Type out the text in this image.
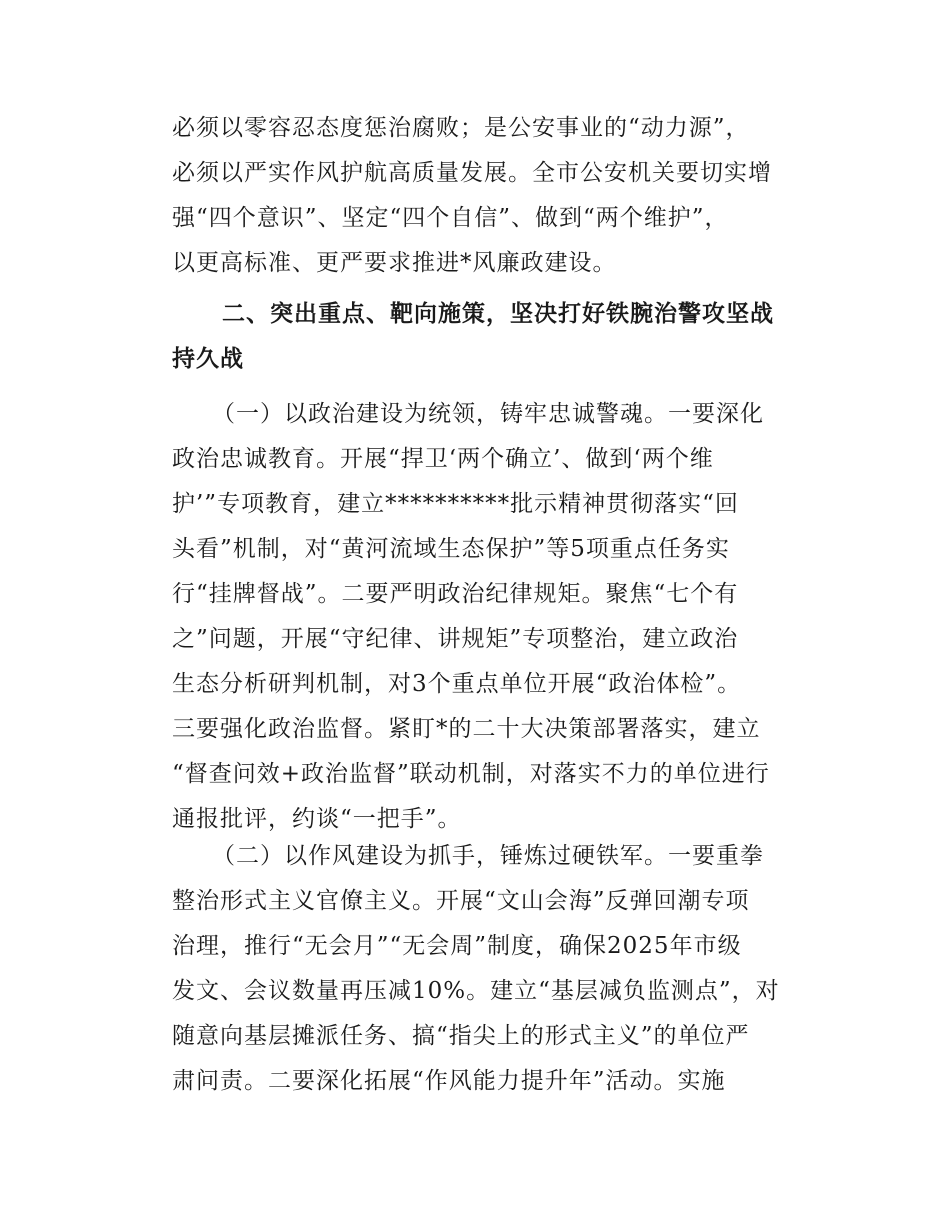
必须以零容忍态度惩治腐败；是公安事业的“动力源”，
必须以严实作风护航高质量发展。全市公安机关要切实增
强“四个意识”、坚定“四个自信”、做到“两个维护”，
以更高标准、更严要求推进*风廉政建设。
二、突出重点、靶向施策，坚决打好铁腕治警攻坚战
持久战
（一）以政治建设为统领，铸牢忠诚警魂。一要深化
政治忠诚教育。开展“捍卫‘两个确立’、做到‘两个维
护’”专项教育，建立**********批示精神贯彻落实“回
头看”机制，对“黄河流域生态保护”等5项重点任务实
行“挂牌督战”。二要严明政治纪律规矩。聚焦“七个有
之”问题，开展“守纪律、讲规矩”专项整治，建立政治
生态分析研判机制，对3个重点单位开展“政治体检”。
三要强化政治监督。紧盯*的二十大决策部署落实，建立
“督查问效+政治监督”联动机制，对落实不力的单位进行
通报批评，约谈“一把手”。
（二）以作风建设为抓手，锤炼过硬铁军。一要重拳
整治形式主义官僚主义。开展“文山会海”反弹回潮专项
治理，推行“无会月”“无会周”制度，确保2025年市级
发文、会议数量再压减10%。建立“基层减负监测点”，对
随意向基层摊派任务、搞“指尖上的形式主义”的单位严
肃问责。二要深化拓展“作风能力提升年”活动。实施
